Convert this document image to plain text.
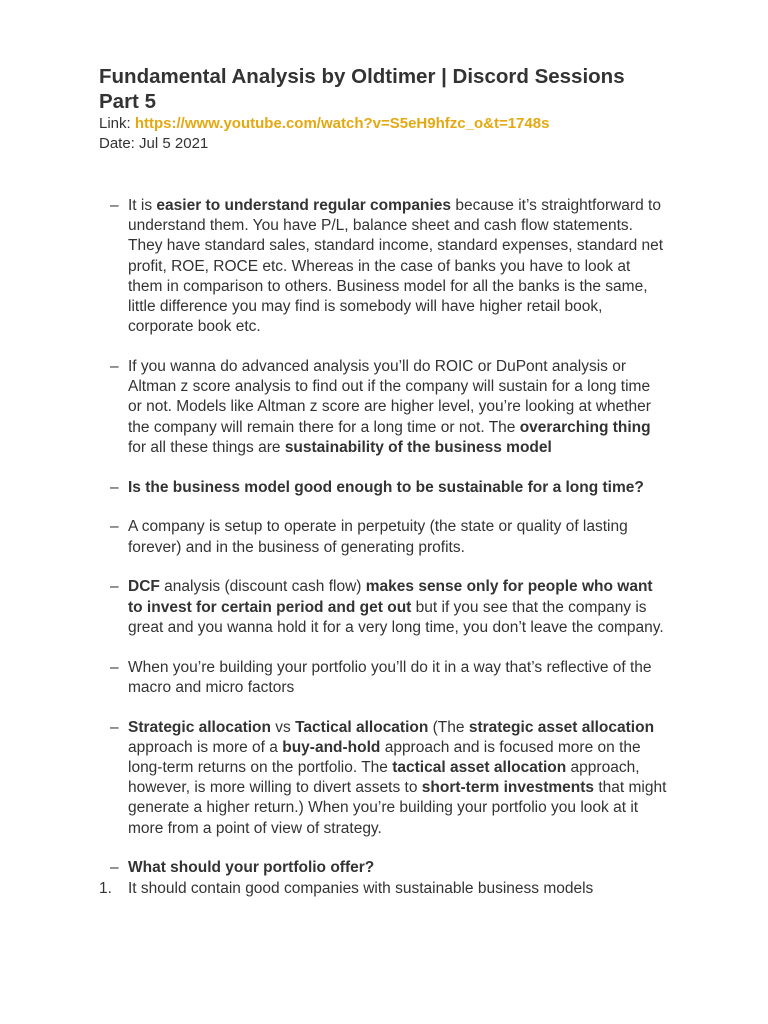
Fundamental Analysis by Oldtimer | Discord Sessions Part 5

Link: https://www.youtube.com/watch?v=S5eH9hfzc_o&t=1748s

Date: Jul 5 2021

– It is easier to understand regular companies because it’s straightforward to understand them. You have P/L, balance sheet and cash flow statements. They have standard sales, standard income, standard expenses, standard net profit, ROE, ROCE etc. Whereas in the case of banks you have to look at them in comparison to others. Business model for all the banks is the same, little difference you may find is somebody will have higher retail book, corporate book etc.
– If you wanna do advanced analysis you’ll do ROIC or DuPont analysis or Altman z score analysis to find out if the company will sustain for a long time or not. Models like Altman z score are higher level, you’re looking at whether the company will remain there for a long time or not. The overarching thing for all these things are sustainability of the business model
– Is the business model good enough to be sustainable for a long time?
– A company is setup to operate in perpetuity (the state or quality of lasting forever) and in the business of generating profits.
– DCF analysis (discount cash flow) makes sense only for people who want to invest for certain period and get out but if you see that the company is great and you wanna hold it for a very long time, you don’t leave the company.
– When you’re building your portfolio you’ll do it in a way that’s reflective of the macro and micro factors
– Strategic allocation vs Tactical allocation (The strategic asset allocation approach is more of a buy-and-hold approach and is focused more on the long-term returns on the portfolio. The tactical asset allocation approach, however, is more willing to divert assets to short-term investments that might generate a higher return.) When you’re building your portfolio you look at it more from a point of view of strategy.
– What should your portfolio offer?
1. It should contain good companies with sustainable business models
